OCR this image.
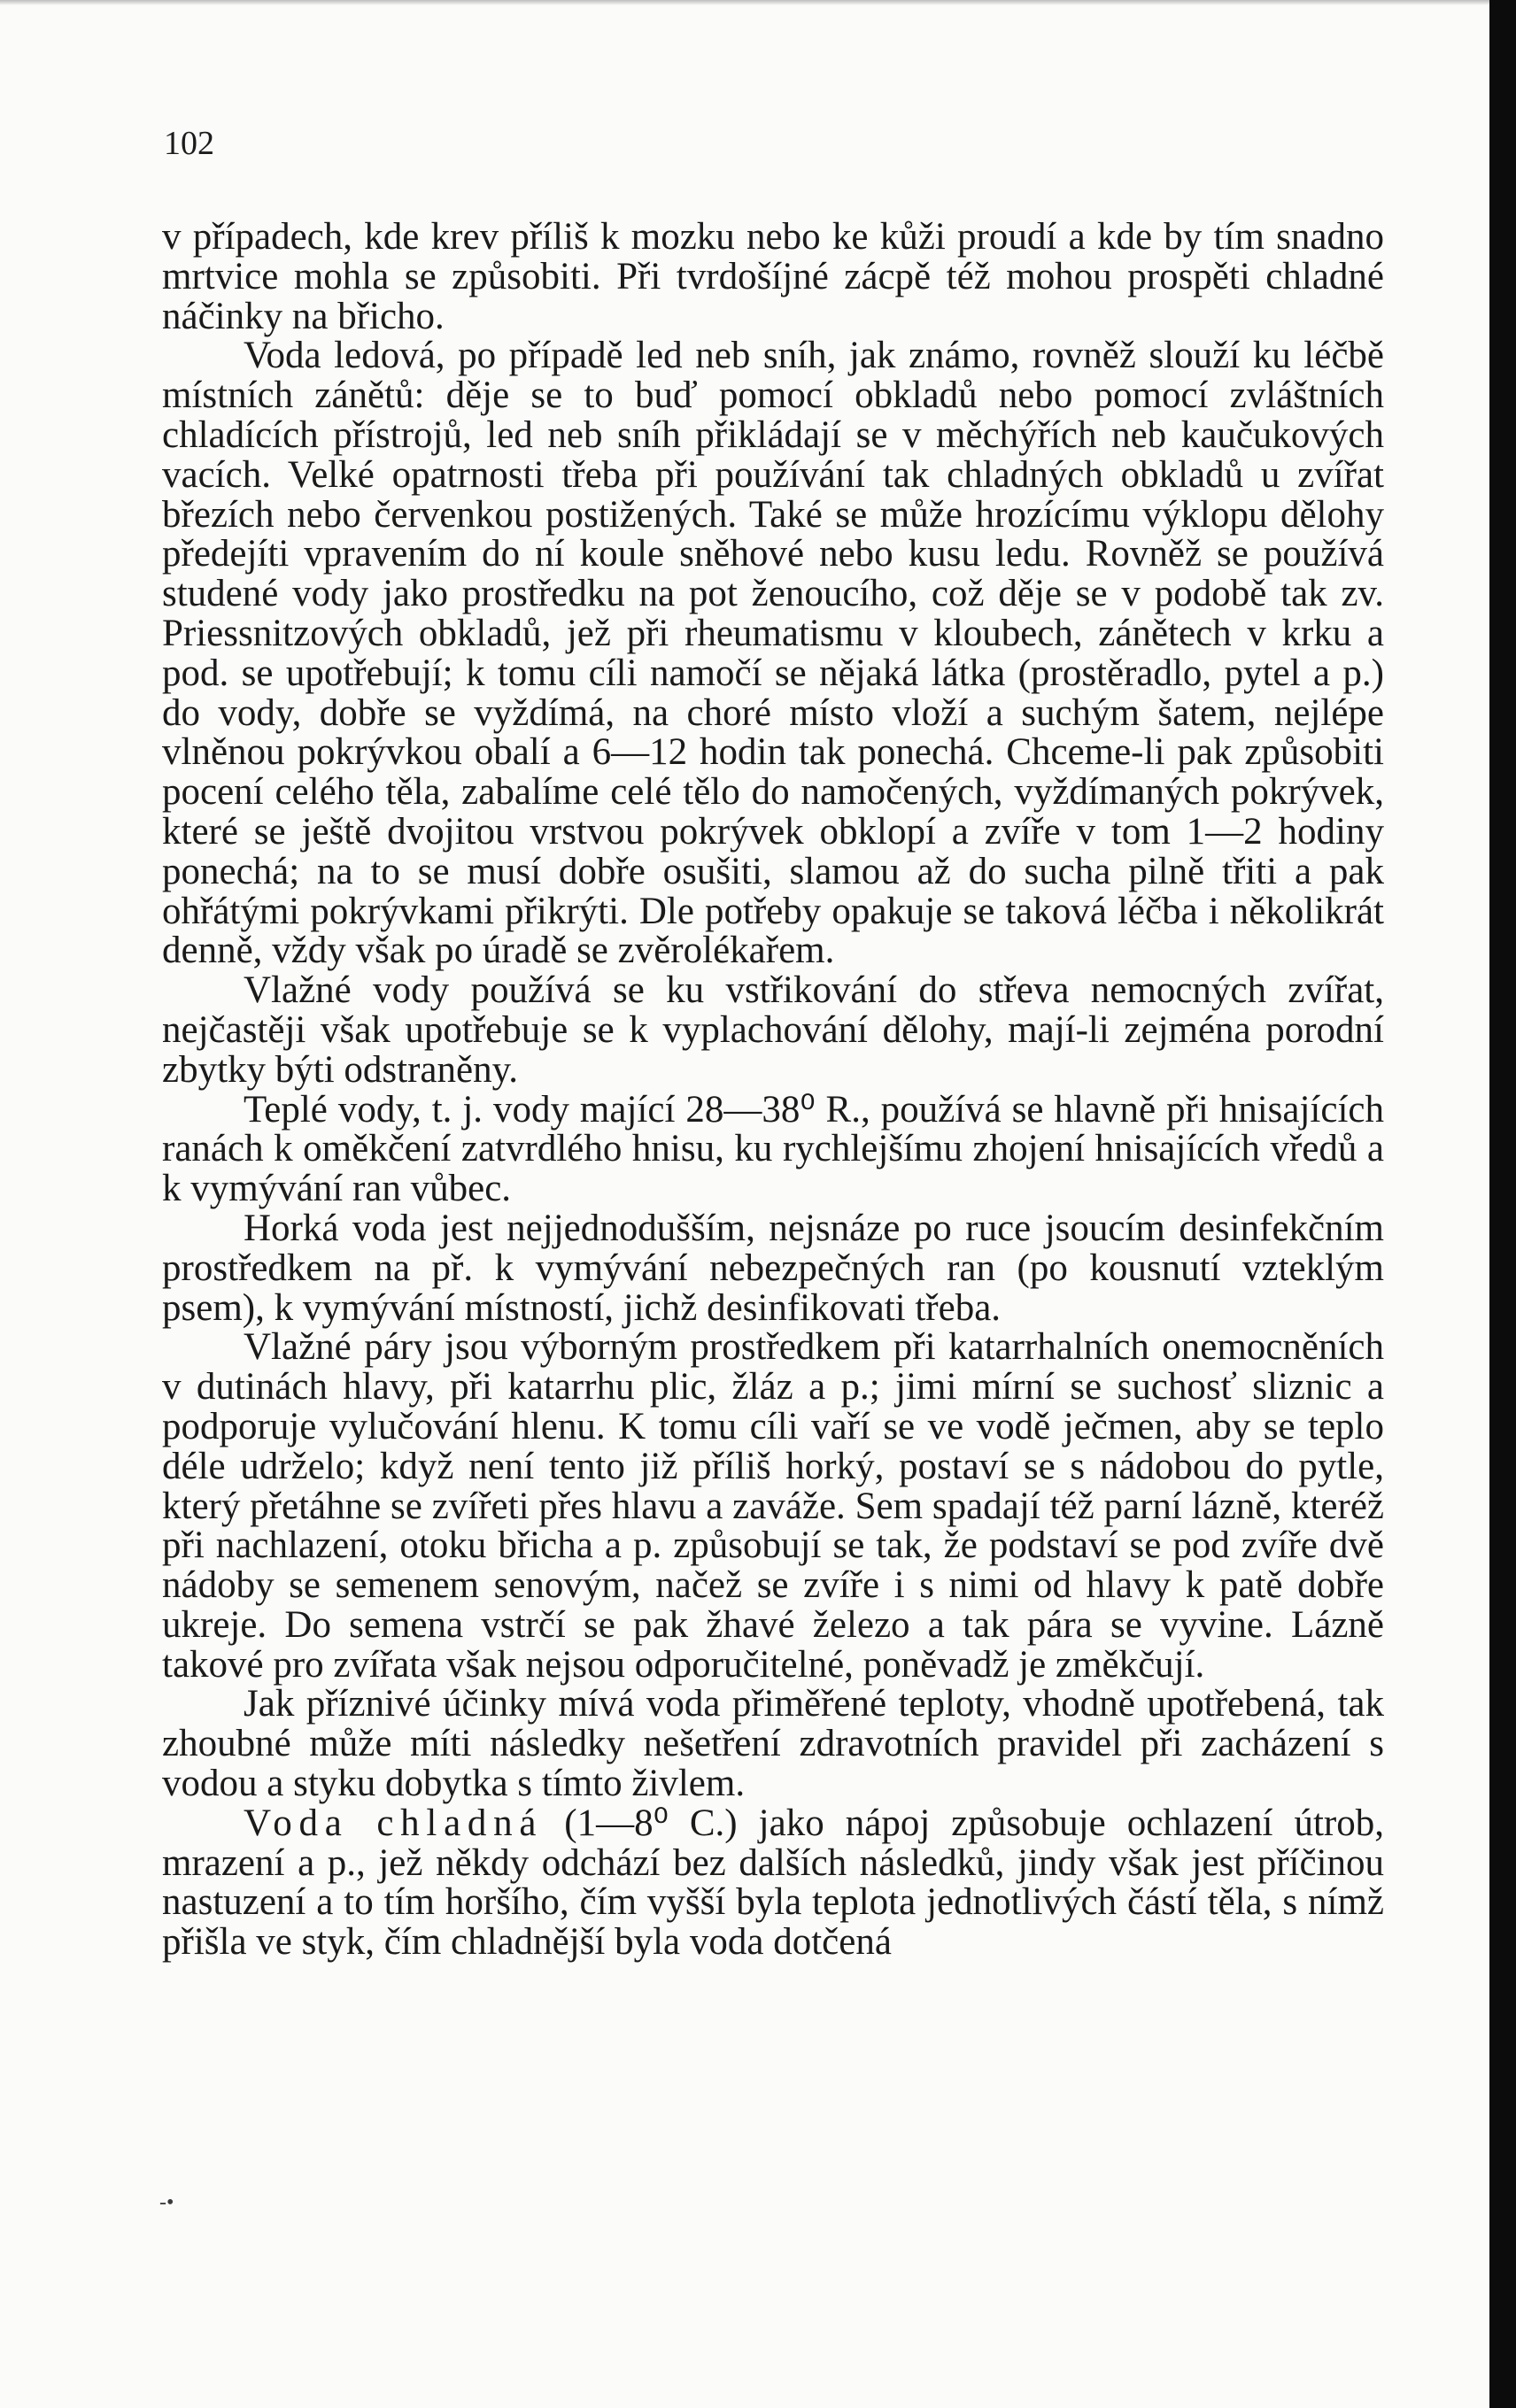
102

v případech, kde krev příliš k mozku nebo ke kůži proudí a kde by tím snadno mrtvice mohla se způsobiti. Při tvrdošíjné zácpě též mohou prospěti chladné náčinky na břicho.

Voda ledová, po případě led neb sníh, jak známo, rovněž slouží ku léčbě místních zánětů: děje se to buď pomocí obkladů nebo pomocí zvláštních chladících přístrojů, led neb sníh přikládají se v měchýřích neb kaučukových vacích. Velké opatrnosti třeba při používání tak chladných obkladů u zvířat březích nebo červenkou postižených. Také se může hrozícímu výklopu dělohy předejíti vpravením do ní koule sněhové nebo kusu ledu. Rovněž se používá studené vody jako prostředku na pot ženoucího, což děje se v podobě tak zv. Priessnitzových obkladů, jež při rheumatismu v kloubech, zánětech v krku a pod. se upotřebují; k tomu cíli namočí se nějaká látka (prostěradlo, pytel a p.) do vody, dobře se vyždímá, na choré místo vloží a suchým šatem, nejlépe vlněnou pokrývkou obalí a 6—12 hodin tak ponechá. Chceme-li pak způsobiti pocení celého těla, zabalíme celé tělo do namočených, vyždímaných pokrývek, které se ještě dvojitou vrstvou pokrývek obklopí a zvíře v tom 1—2 hodiny ponechá; na to se musí dobře osušiti, slamou až do sucha pilně třiti a pak ohřátými pokrývkami přikrýti. Dle potřeby opakuje se taková léčba i několikrát denně, vždy však po úradě se zvěrolékařem.

Vlažné vody používá se ku vstřikování do střeva nemocných zvířat, nejčastěji však upotřebuje se k vyplachování dělohy, mají-li zejména porodní zbytky býti odstraněny.

Teplé vody, t. j. vody mající 28—38⁰ R., používá se hlavně při hnisajících ranách k oměkčení zatvrdlého hnisu, ku rychlejšímu zhojení hnisajících vředů a k vymývání ran vůbec.

Horká voda jest nejjednodušším, nejsnáze po ruce jsoucím desinfekčním prostředkem na př. k vymývání nebezpečných ran (po kousnutí vzteklým psem), k vymývání místností, jichž desinfikovati třeba.

Vlažné páry jsou výborným prostředkem při katarrhalních onemocněních v dutinách hlavy, při katarrhu plic, žláz a p.; jimi mírní se suchosť sliznic a podporuje vylučování hlenu. K tomu cíli vaří se ve vodě ječmen, aby se teplo déle udrželo; když není tento již příliš horký, postaví se s nádobou do pytle, který přetáhne se zvířeti přes hlavu a zaváže. Sem spadají též parní lázně, kteréž při nachlazení, otoku břicha a p. způsobují se tak, že podstaví se pod zvíře dvě nádoby se semenem senovým, načež se zvíře i s nimi od hlavy k patě dobře ukreje. Do semena vstrčí se pak žhavé železo a tak pára se vyvine. Lázně takové pro zvířata však nejsou odporučitelné, poněvadž je změkčují.

Jak příznivé účinky mívá voda přiměřené teploty, vhodně upotřebená, tak zhoubné může míti následky nešetření zdravotních pravidel při zacházení s vodou a styku dobytka s tímto živlem.

Voda chladná (1—8⁰ C.) jako nápoj způsobuje ochlazení útrob, mrazení a p., jež někdy odchází bez dalších následků, jindy však jest příčinou nastuzení a to tím horšího, čím vyšší byla teplota jednotlivých částí těla, s nímž přišla ve styk, čím chladnější byla voda dotčená

-•
